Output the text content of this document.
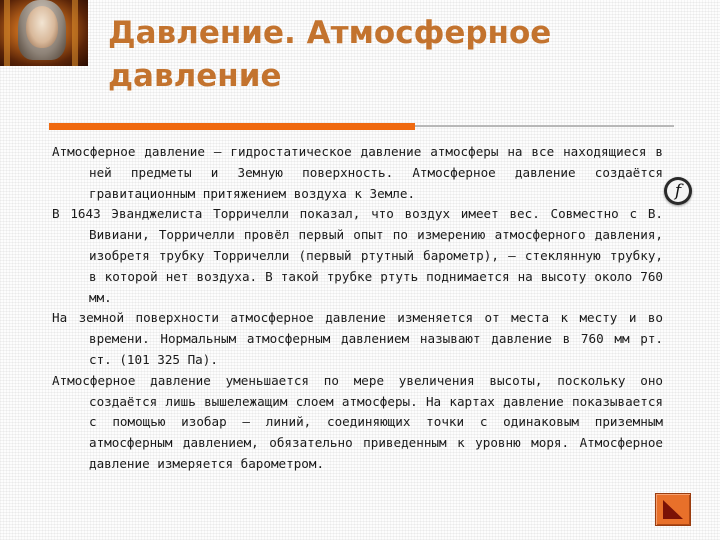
Давление. Атмосферное
давление

Атмосферное давление — гидростатическое давление атмосферы на все находящиеся в ней предметы и Земную поверхность. Атмосферное давление создаётся гравитационным притяжением воздуха к Земле.

В 1643 Эванджелиста Торричелли показал, что воздух имеет вес. Совместно с В. Вивиани, Торричелли провёл первый опыт по измерению атмосферного давления, изобретя трубку Торричелли (первый ртутный барометр), — стеклянную трубку, в которой нет воздуха. В такой трубке ртуть поднимается на высоту около 760 мм.

На земной поверхности атмосферное давление изменяется от места к месту и во времени. Нормальным атмосферным давлением называют давление в 760 мм рт. ст. (101 325 Па).

Атмосферное давление уменьшается по мере увеличения высоты, поскольку оно создаётся лишь вышележащим слоем атмосферы. На картах давление показывается с помощью изобар — линий, соединяющих точки с одинаковым приземным атмосферным давлением, обязательно приведенным к уровню моря. Атмосферное давление измеряется барометром.

f
